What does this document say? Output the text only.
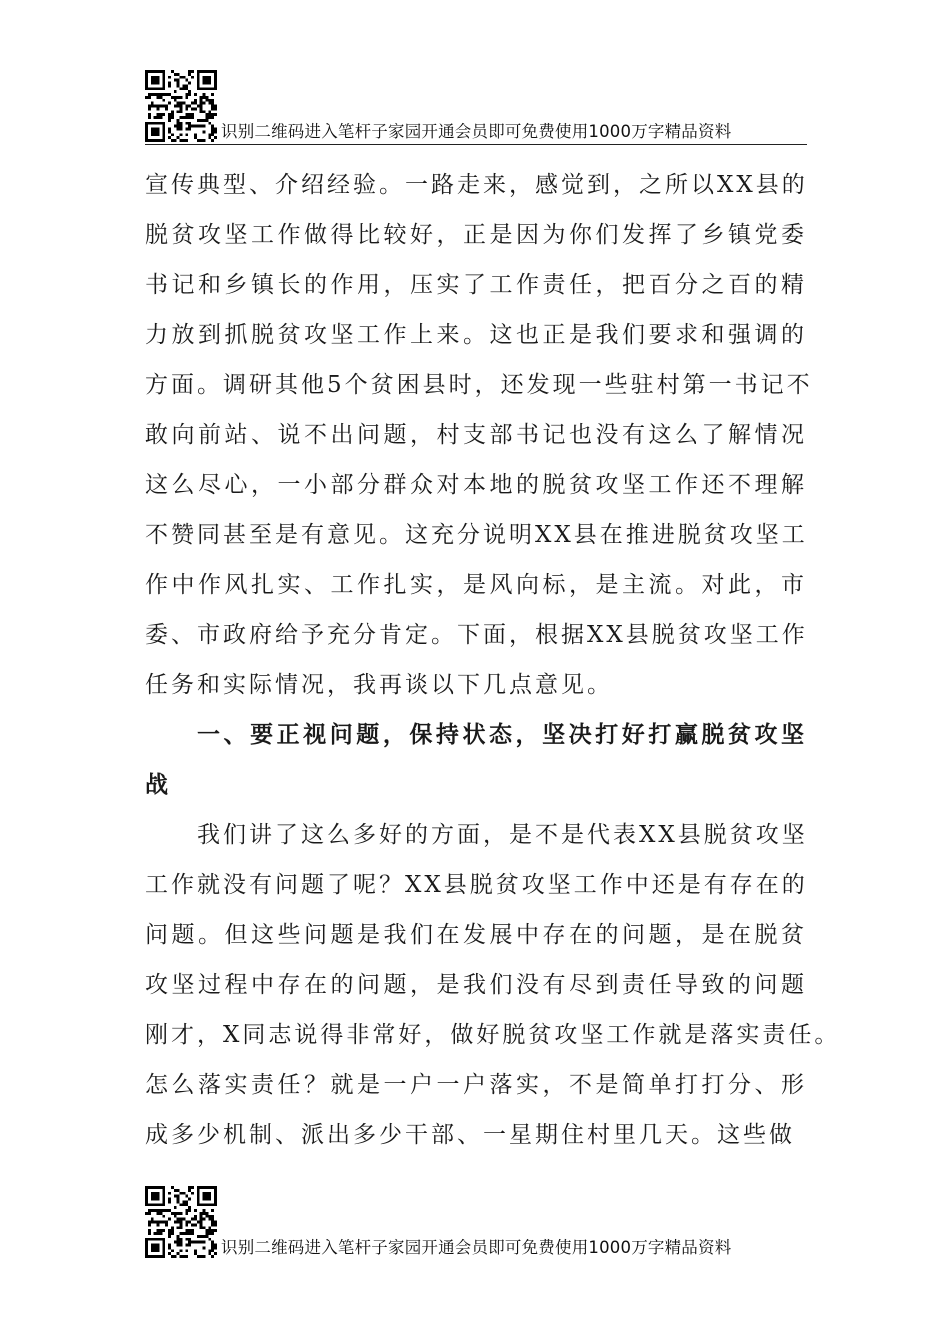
识别二维码进入笔杆子家园开通会员即可免费使用1000万字精品资料
宣传典型、介绍经验。一路走来，感觉到，之所以XX县的
脱贫攻坚工作做得比较好，正是因为你们发挥了乡镇党委
书记和乡镇长的作用，压实了工作责任，把百分之百的精
力放到抓脱贫攻坚工作上来。这也正是我们要求和强调的
方面。调研其他5个贫困县时，还发现一些驻村第一书记不
敢向前站、说不出问题，村支部书记也没有这么了解情况
这么尽心，一小部分群众对本地的脱贫攻坚工作还不理解
不赞同甚至是有意见。这充分说明XX县在推进脱贫攻坚工
作中作风扎实、工作扎实，是风向标，是主流。对此，市
委、市政府给予充分肯定。下面，根据XX县脱贫攻坚工作
任务和实际情况，我再谈以下几点意见。
一、要正视问题，保持状态，坚决打好打赢脱贫攻坚
战
我们讲了这么多好的方面，是不是代表XX县脱贫攻坚
工作就没有问题了呢？XX县脱贫攻坚工作中还是有存在的
问题。但这些问题是我们在发展中存在的问题，是在脱贫
攻坚过程中存在的问题，是我们没有尽到责任导致的问题
刚才，X同志说得非常好，做好脱贫攻坚工作就是落实责任。
怎么落实责任？就是一户一户落实，不是简单打打分、形
成多少机制、派出多少干部、一星期住村里几天。这些做
识别二维码进入笔杆子家园开通会员即可免费使用1000万字精品资料
